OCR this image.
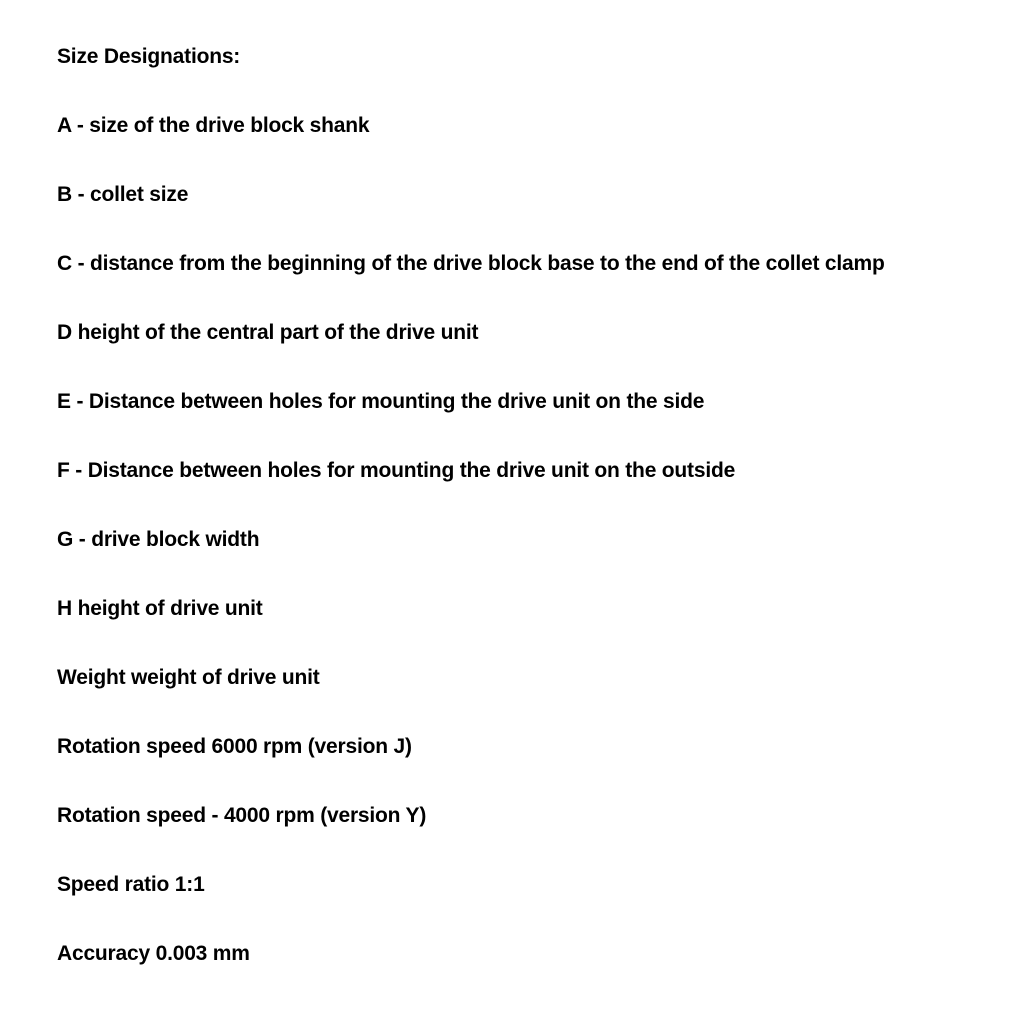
Size Designations:
A - size of the drive block shank
B - collet size
C - distance from the beginning of the drive block base to the end of the collet clamp
D height of the central part of the drive unit
E - Distance between holes for mounting the drive unit on the side
F - Distance between holes for mounting the drive unit on the outside
G - drive block width
H height of drive unit
Weight weight of drive unit
Rotation speed 6000 rpm (version J)
Rotation speed - 4000 rpm (version Y)
Speed ratio 1:1
Accuracy 0.003 mm
